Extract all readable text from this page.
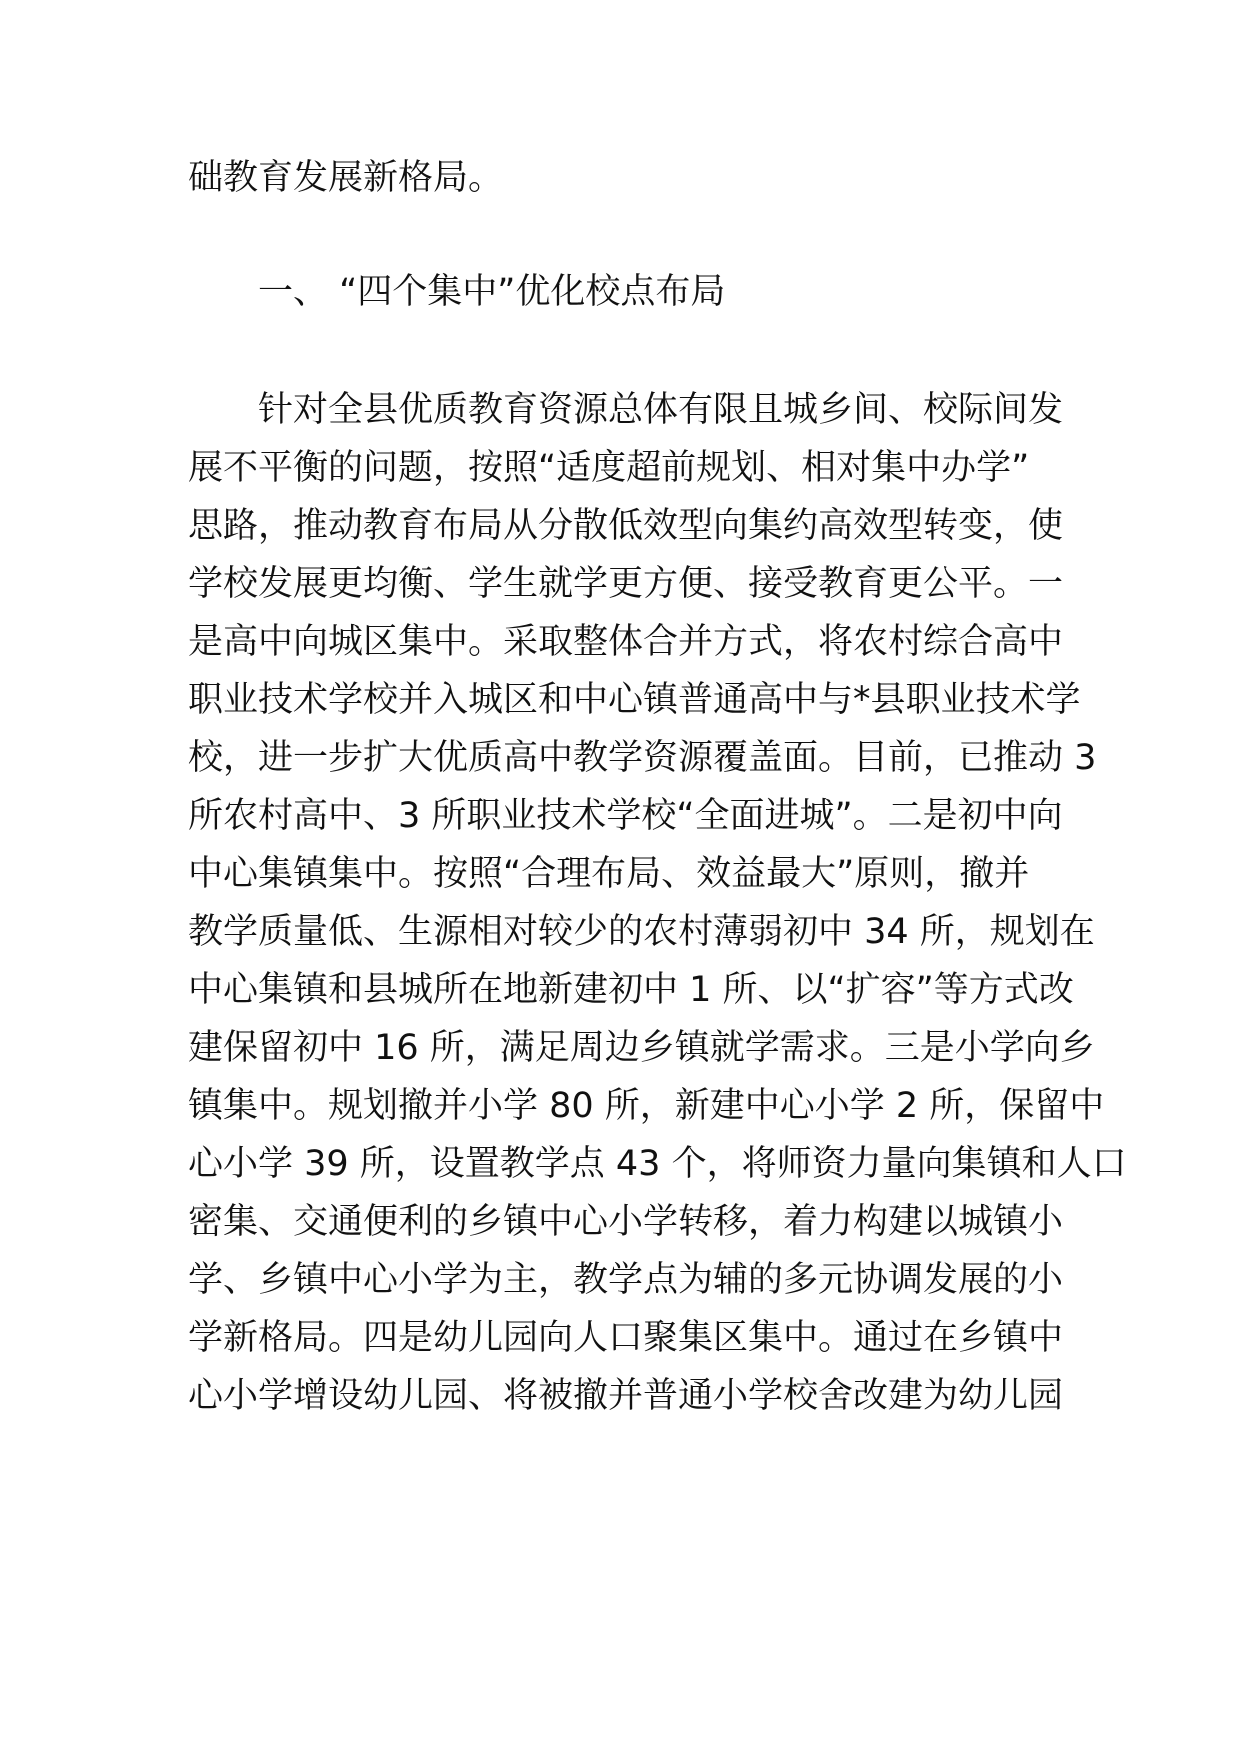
础教育发展新格局。

一、 “四个集中”优化校点布局

针对全县优质教育资源总体有限且城乡间、校际间发

展不平衡的问题，按照“适度超前规划、相对集中办学”

思路，推动教育布局从分散低效型向集约高效型转变，使

学校发展更均衡、学生就学更方便、接受教育更公平。一

是高中向城区集中。采取整体合并方式，将农村综合高中

职业技术学校并入城区和中心镇普通高中与*县职业技术学

校，进一步扩大优质高中教学资源覆盖面。目前，已推动 3

所农村高中、3 所职业技术学校“全面进城”。二是初中向

中心集镇集中。按照“合理布局、效益最大”原则，撤并

教学质量低、生源相对较少的农村薄弱初中 34 所，规划在

中心集镇和县城所在地新建初中 1 所、以“扩容”等方式改

建保留初中 16 所，满足周边乡镇就学需求。三是小学向乡

镇集中。规划撤并小学 80 所，新建中心小学 2 所，保留中

心小学 39 所，设置教学点 43 个，将师资力量向集镇和人口

密集、交通便利的乡镇中心小学转移，着力构建以城镇小

学、乡镇中心小学为主，教学点为辅的多元协调发展的小

学新格局。四是幼儿园向人口聚集区集中。通过在乡镇中

心小学增设幼儿园、将被撤并普通小学校舍改建为幼儿园
